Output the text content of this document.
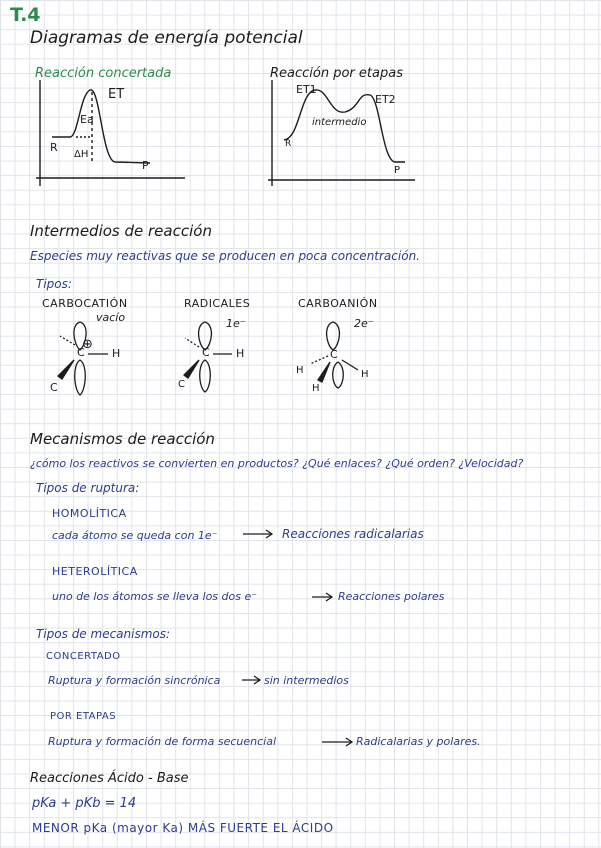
T.4
Diagramas de energía potencial
Reacción concertada
ET
Ea
ΔH
R
P
Reacción por etapas
ET1
ET2
intermedio
R
P
Intermedios de reacción
Especies muy reactivas que se producen en poca concentración.
Tipos:
CARBOCATIÓN
vacío
⊕
C H
C
RADICALES
1e⁻
C H
C
CARBOANIÓN
2e⁻
C
H
H
H
Mecanismos de reacción
¿cómo los reactivos se convierten en productos? ¿Qué enlaces? ¿Qué orden? ¿Velocidad?
Tipos de ruptura:
HOMOLÍTICA
cada átomo se queda con 1e⁻	Reacciones radicalarias
HETEROLÍTICA
uno de los átomos se lleva los dos e⁻	Reacciones polares
Tipos de mecanismos:
CONCERTADO
Ruptura y formación sincrónica	sin intermedios
POR ETAPAS
Ruptura y formación de forma secuencial	Radicalarias y polares.
Reacciones Ácido - Base
pKa + pKb = 14
MENOR pKa (mayor Ka) MÁS FUERTE EL ÁCIDO
